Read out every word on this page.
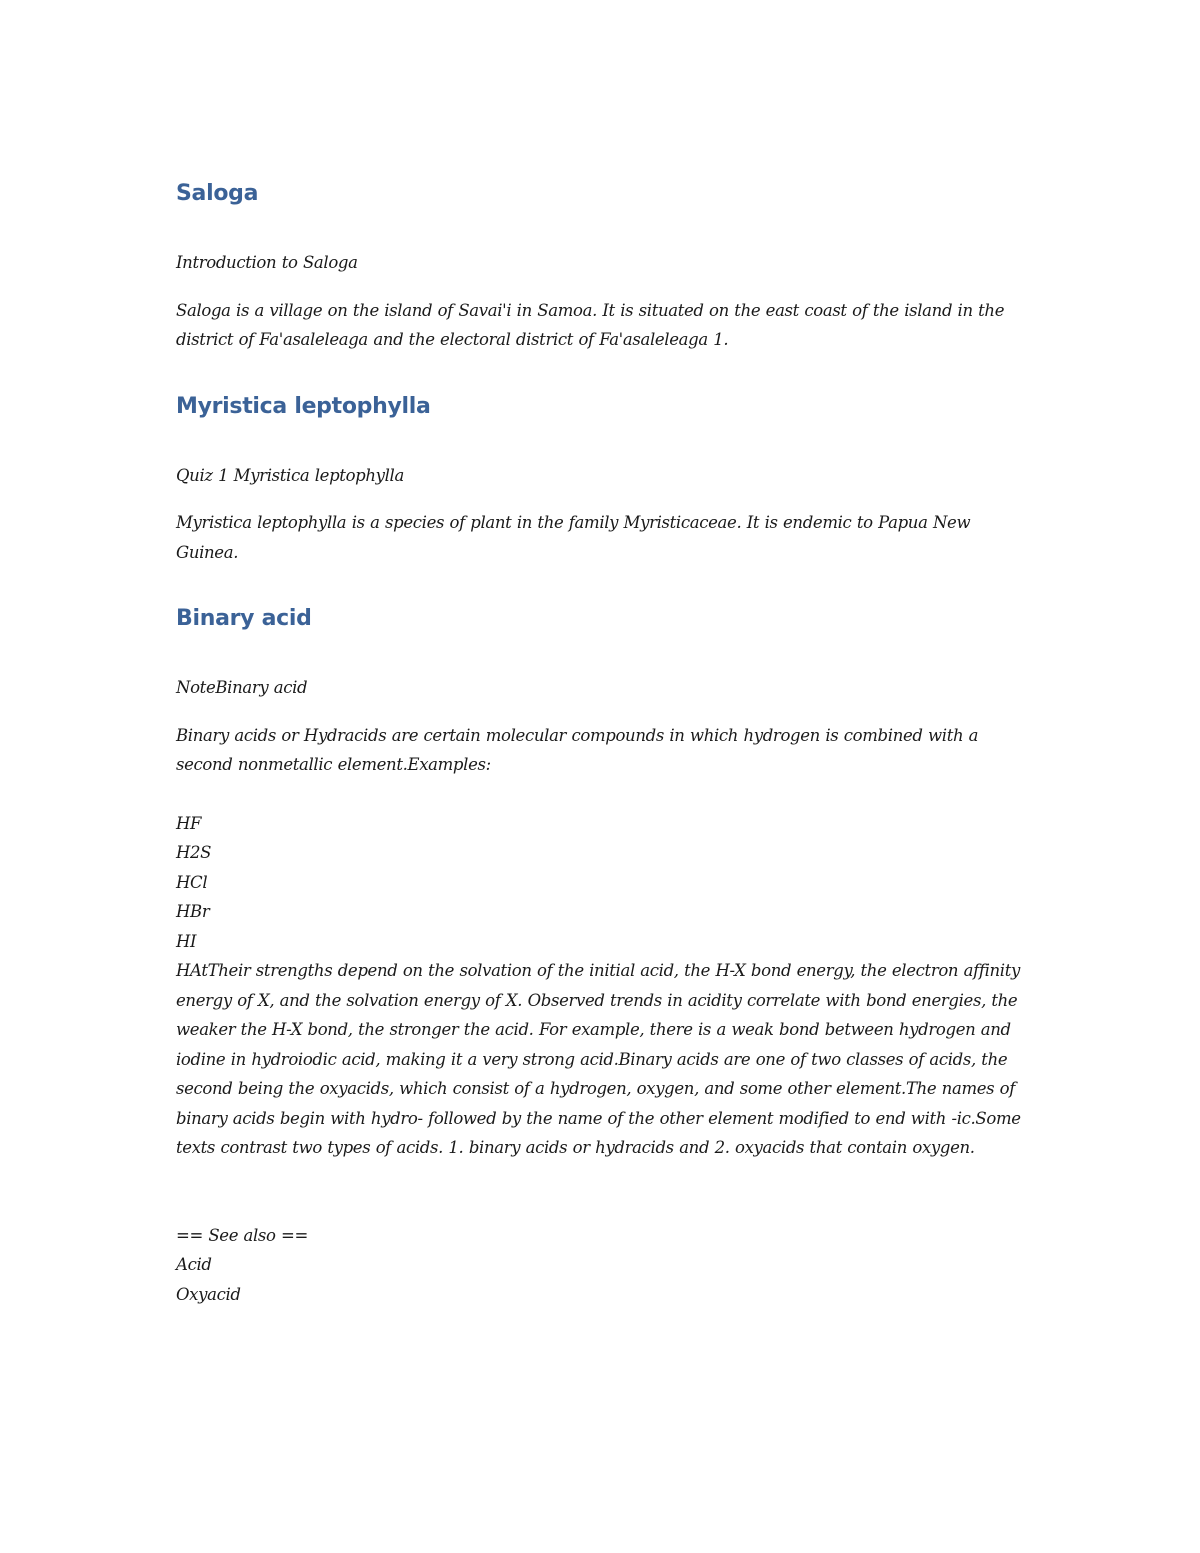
Saloga

Introduction to Saloga

Saloga is a village on the island of Savai'i in Samoa. It is situated on the east coast of the island in the district of Fa'asaleleaga and the electoral district of Fa'asaleleaga 1.

Myristica leptophylla

Quiz 1 Myristica leptophylla

Myristica leptophylla is a species of plant in the family Myristicaceae. It is endemic to Papua New Guinea.

Binary acid

NoteBinary acid

Binary acids or Hydracids are certain molecular compounds in which hydrogen is combined with a second nonmetallic element.Examples:

HF
H2S
HCl
HBr
HI

HAtTheir strengths depend on the solvation of the initial acid, the H-X bond energy, the electron affinity energy of X, and the solvation energy of X. Observed trends in acidity correlate with bond energies, the weaker the H-X bond, the stronger the acid. For example, there is a weak bond between hydrogen and iodine in hydroiodic acid, making it a very strong acid.Binary acids are one of two classes of acids, the second being the oxyacids, which consist of a hydrogen, oxygen, and some other element.The names of binary acids begin with hydro- followed by the name of the other element modified to end with -ic.Some texts contrast two types of acids. 1. binary acids or hydracids and 2. oxyacids that contain oxygen.

== See also ==
Acid
Oxyacid
